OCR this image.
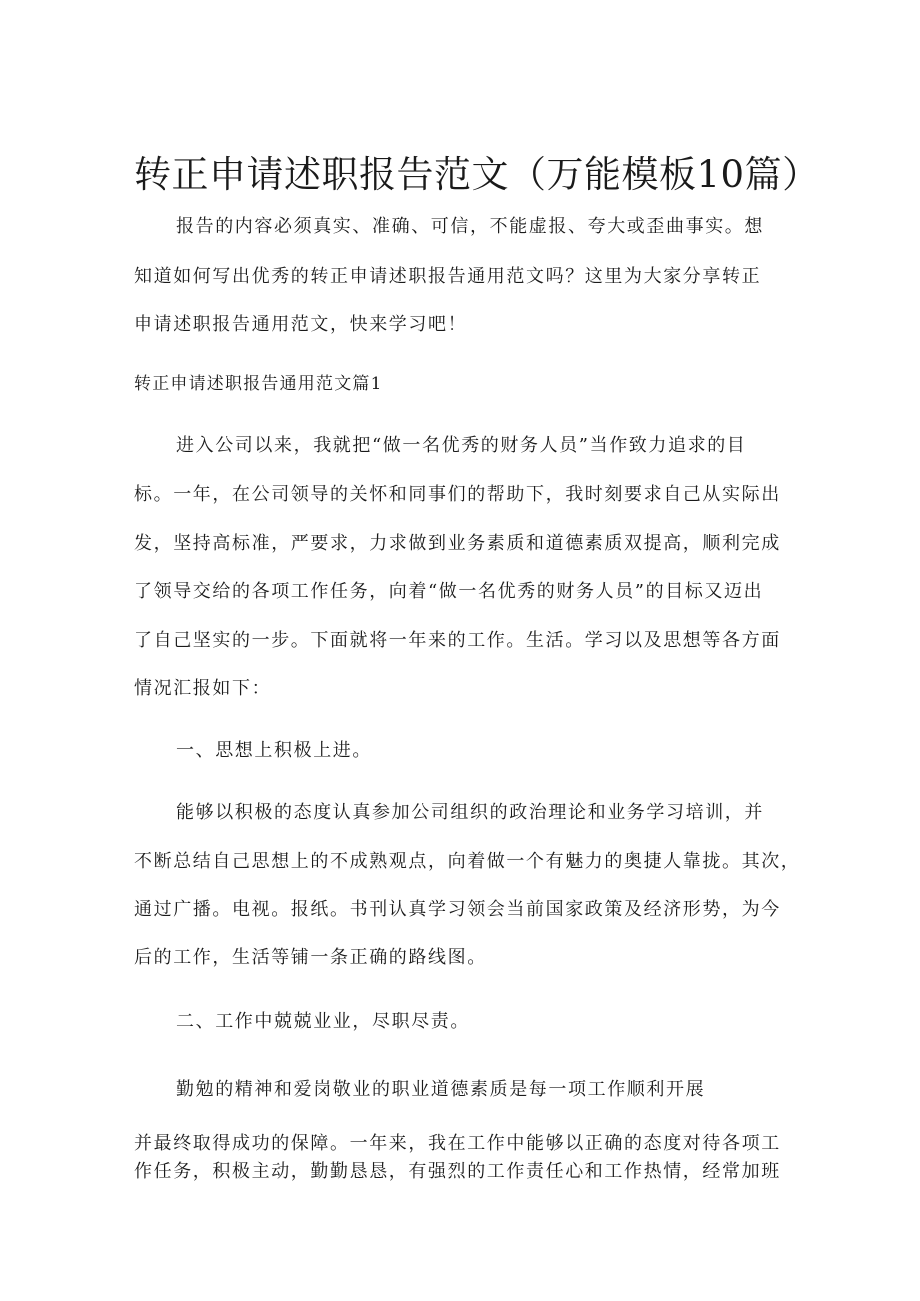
转正申请述职报告范文（万能模板10篇）
报告的内容必须真实、准确、可信，不能虚报、夸大或歪曲事实。想
知道如何写出优秀的转正申请述职报告通用范文吗？这里为大家分享转正
申请述职报告通用范文，快来学习吧！
转正申请述职报告通用范文篇1
进入公司以来，我就把“做一名优秀的财务人员”当作致力追求的目
标。一年，在公司领导的关怀和同事们的帮助下，我时刻要求自己从实际出
发，坚持高标准，严要求，力求做到业务素质和道德素质双提高，顺利完成
了领导交给的各项工作任务，向着“做一名优秀的财务人员”的目标又迈出
了自己坚实的一步。下面就将一年来的工作。生活。学习以及思想等各方面
情况汇报如下：
一、思想上积极上进。
能够以积极的态度认真参加公司组织的政治理论和业务学习培训，并
不断总结自己思想上的不成熟观点，向着做一个有魅力的奥捷人靠拢。其次，
通过广播。电视。报纸。书刊认真学习领会当前国家政策及经济形势，为今
后的工作，生活等铺一条正确的路线图。
二、工作中兢兢业业，尽职尽责。
勤勉的精神和爱岗敬业的职业道德素质是每一项工作顺利开展
并最终取得成功的保障。一年来，我在工作中能够以正确的态度对待各项工
作任务，积极主动，勤勤恳恳，有强烈的工作责任心和工作热情，经常加班
